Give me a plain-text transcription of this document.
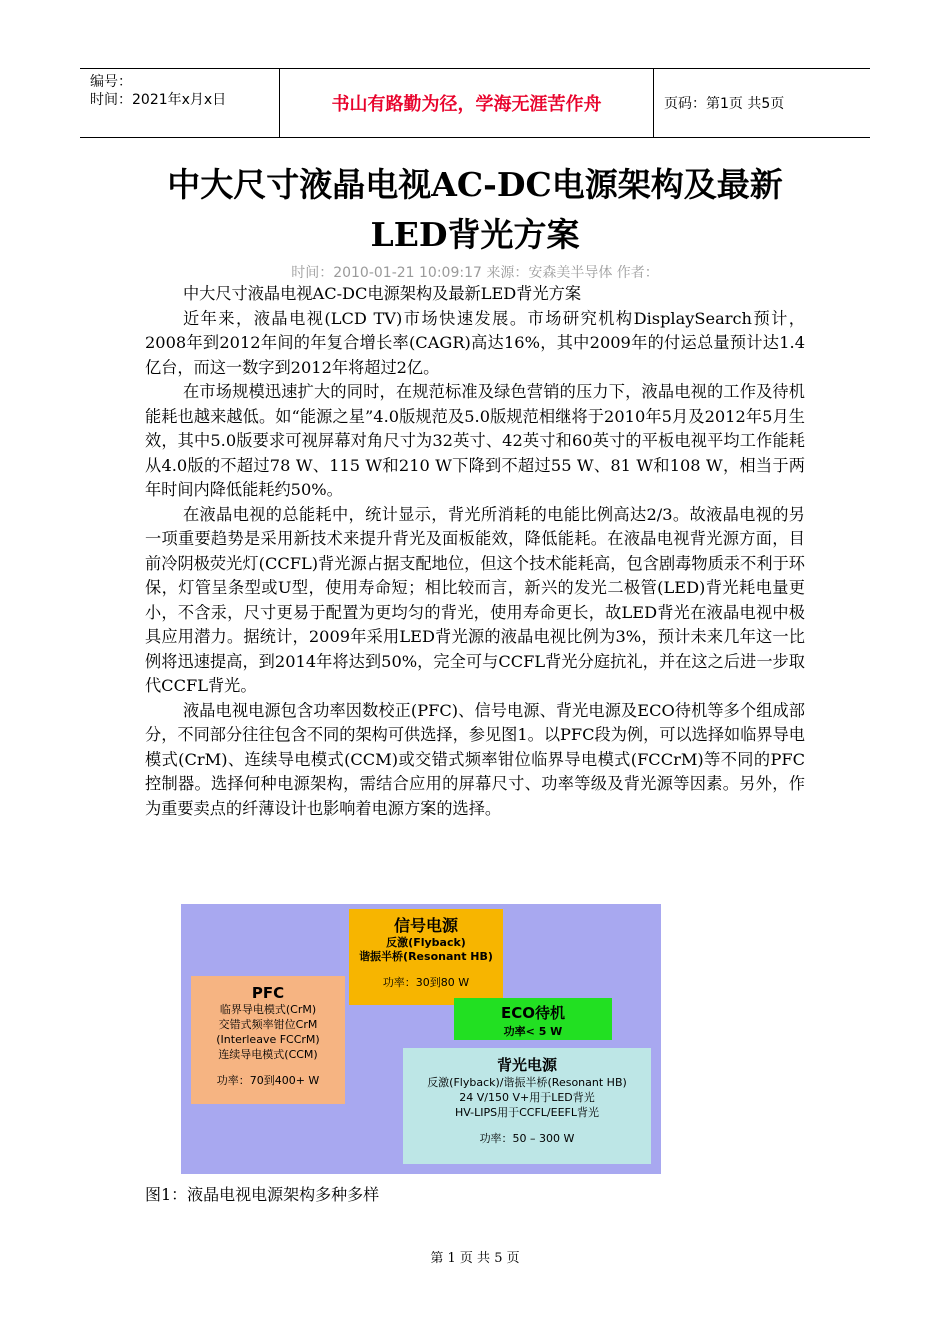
编号：
时间：2021年x月x日	书山有路勤为径，学海无涯苦作舟	页码：第1页 共5页
中大尺寸液晶电视AC-DC电源架构及最新
LED背光方案
时间：2010-01-21 10:09:17 来源：安森美半导体 作者：
中大尺寸液晶电视AC-DC电源架构及最新LED背光方案

近年来，液晶电视(LCD TV)市场快速发展。市场研究机构DisplaySearch预计，2008年到2012年间的年复合增长率(CAGR)高达16%，其中2009年的付运总量预计达1.4亿台，而这一数字到2012年将超过2亿。

在市场规模迅速扩大的同时，在规范标准及绿色营销的压力下，液晶电视的工作及待机能耗也越来越低。如“能源之星”4.0版规范及5.0版规范相继将于2010年5月及2012年5月生效，其中5.0版要求可视屏幕对角尺寸为32英寸、42英寸和60英寸的平板电视平均工作能耗从4.0版的不超过78 W、115 W和210 W下降到不超过55 W、81 W和108 W，相当于两年时间内降低能耗约50%。

在液晶电视的总能耗中，统计显示，背光所消耗的电能比例高达2/3。故液晶电视的另一项重要趋势是采用新技术来提升背光及面板能效，降低能耗。在液晶电视背光源方面，目前冷阴极荧光灯(CCFL)背光源占据支配地位，但这个技术能耗高，包含剧毒物质汞不利于环保，灯管呈条型或U型，使用寿命短；相比较而言，新兴的发光二极管(LED)背光耗电量更小，不含汞，尺寸更易于配置为更均匀的背光，使用寿命更长，故LED背光在液晶电视中极具应用潜力。据统计，2009年采用LED背光源的液晶电视比例为3%，预计未来几年这一比例将迅速提高，到2014年将达到50%，完全可与CCFL背光分庭抗礼，并在这之后进一步取代CCFL背光。

液晶电视电源包含功率因数校正(PFC)、信号电源、背光电源及ECO待机等多个组成部分，不同部分往往包含不同的架构可供选择，参见图1。以PFC段为例，可以选择如临界导电模式(CrM)、连续导电模式(CCM)或交错式频率钳位临界导电模式(FCCrM)等不同的PFC控制器。选择何种电源架构，需结合应用的屏幕尺寸、功率等级及背光源等因素。另外，作为重要卖点的纤薄设计也影响着电源方案的选择。

信号电源
反激(Flyback)
谐振半桥(Resonant HB)
功率：30到80 W
PFC
临界导电模式(CrM)
交错式频率钳位CrM
(Interleave FCCrM)
连续导电模式(CCM)
功率：70到400+ W
ECO待机
功率< 5 W
背光电源
反激(Flyback)/谐振半桥(Resonant HB)
24 V/150 V+用于LED背光
HV-LIPS用于CCFL/EEFL背光
功率：50 – 300 W
图1：液晶电视电源架构多种多样
第 1 页 共 5 页
